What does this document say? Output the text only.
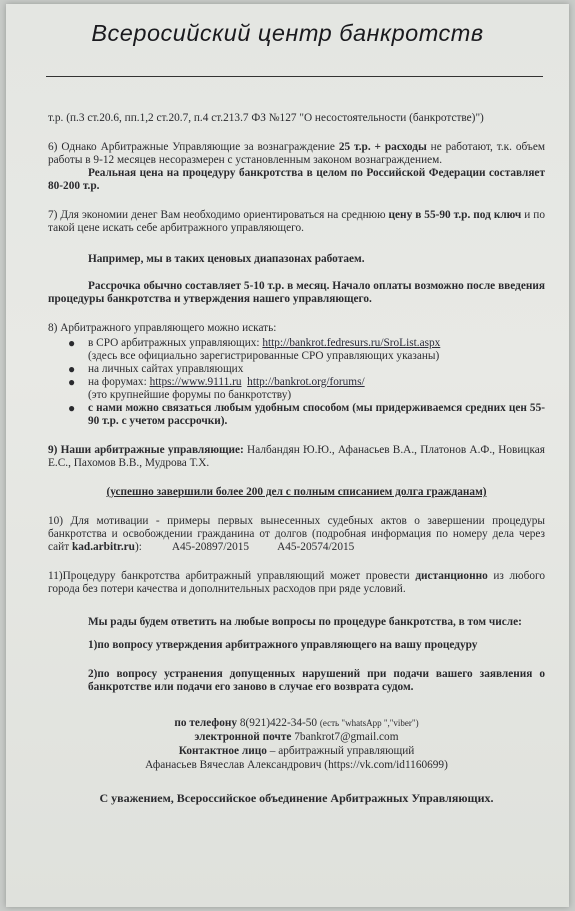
Всеросийский центр банкротств

т.р. (п.3 ст.20.6, пп.1,2 ст.20.7, п.4 ст.213.7 ФЗ №127 "О несостоятельности (банкротстве)")

6) Однако Арбитражные Управляющие за вознаграждение 25 т.р. + расходы не работают, т.к. объем работы в 9-12 месяцев несоразмерен с установленным законом вознаграждением.

Реальная цена на процедуру банкротства в целом по Российской Федерации составляет 80-200 т.р.

7) Для экономии денег Вам необходимо ориентироваться на среднюю цену в 55-90 т.р. под ключ и по такой цене искать себе арбитражного управляющего.

Например, мы в таких ценовых диапазонах работаем.

Рассрочка обычно составляет 5-10 т.р. в месяц. Начало оплаты возможно после введения процедуры банкротства и утверждения нашего управляющего.

8) Арбитражного управляющего можно искать:

● в СРО арбитражных управляющих: http://bankrot.fedresurs.ru/SroList.aspx
(здесь все официально зарегистрированные СРО управляющих указаны)
● на личных сайтах управляющих
● на форумах: https://www.9111.ru http://bankrot.org/forums/
(это крупнейшие форумы по банкротству)
● с нами можно связаться любым удобным способом (мы придерживаемся средних цен 55-90 т.р. с учетом рассрочки).

9) Наши арбитражные управляющие: Налбандян Ю.Ю., Афанасьев В.А., Платонов А.Ф., Новицкая Е.С., Пахомов В.В., Мудрова Т.Х.

(успешно завершили более 200 дел с полным списанием долга гражданам)

10) Для мотивации - примеры первых вынесенных судебных актов о завершении процедуры банкротства и освобождении гражданина от долгов (подробная информация по номеру дела через сайт kad.arbitr.ru):	А45-20897/2015 А45-20574/2015

11)Процедуру банкротства арбитражный управляющий может провести дистанционно из любого города без потери качества и дополнительных расходов при ряде условий.

Мы рады будем ответить на любые вопросы по процедуре банкротства, в том числе:

1)по вопросу утверждения арбитражного управляющего на вашу процедуру

2)по вопросу устранения допущенных нарушений при подачи вашего заявления о банкротстве или подачи его заново в случае его возврата судом.

по телефону 8(921)422-34-50 (есть "whatsApp ","viber")
электронной почте 7bankrot7@gmail.com
Контактное лицо – арбитражный управляющий
Афанасьев Вячеслав Александрович (https://vk.com/id1160699)
С уважением, Всероссийское объединение Арбитражных Управляющих.
